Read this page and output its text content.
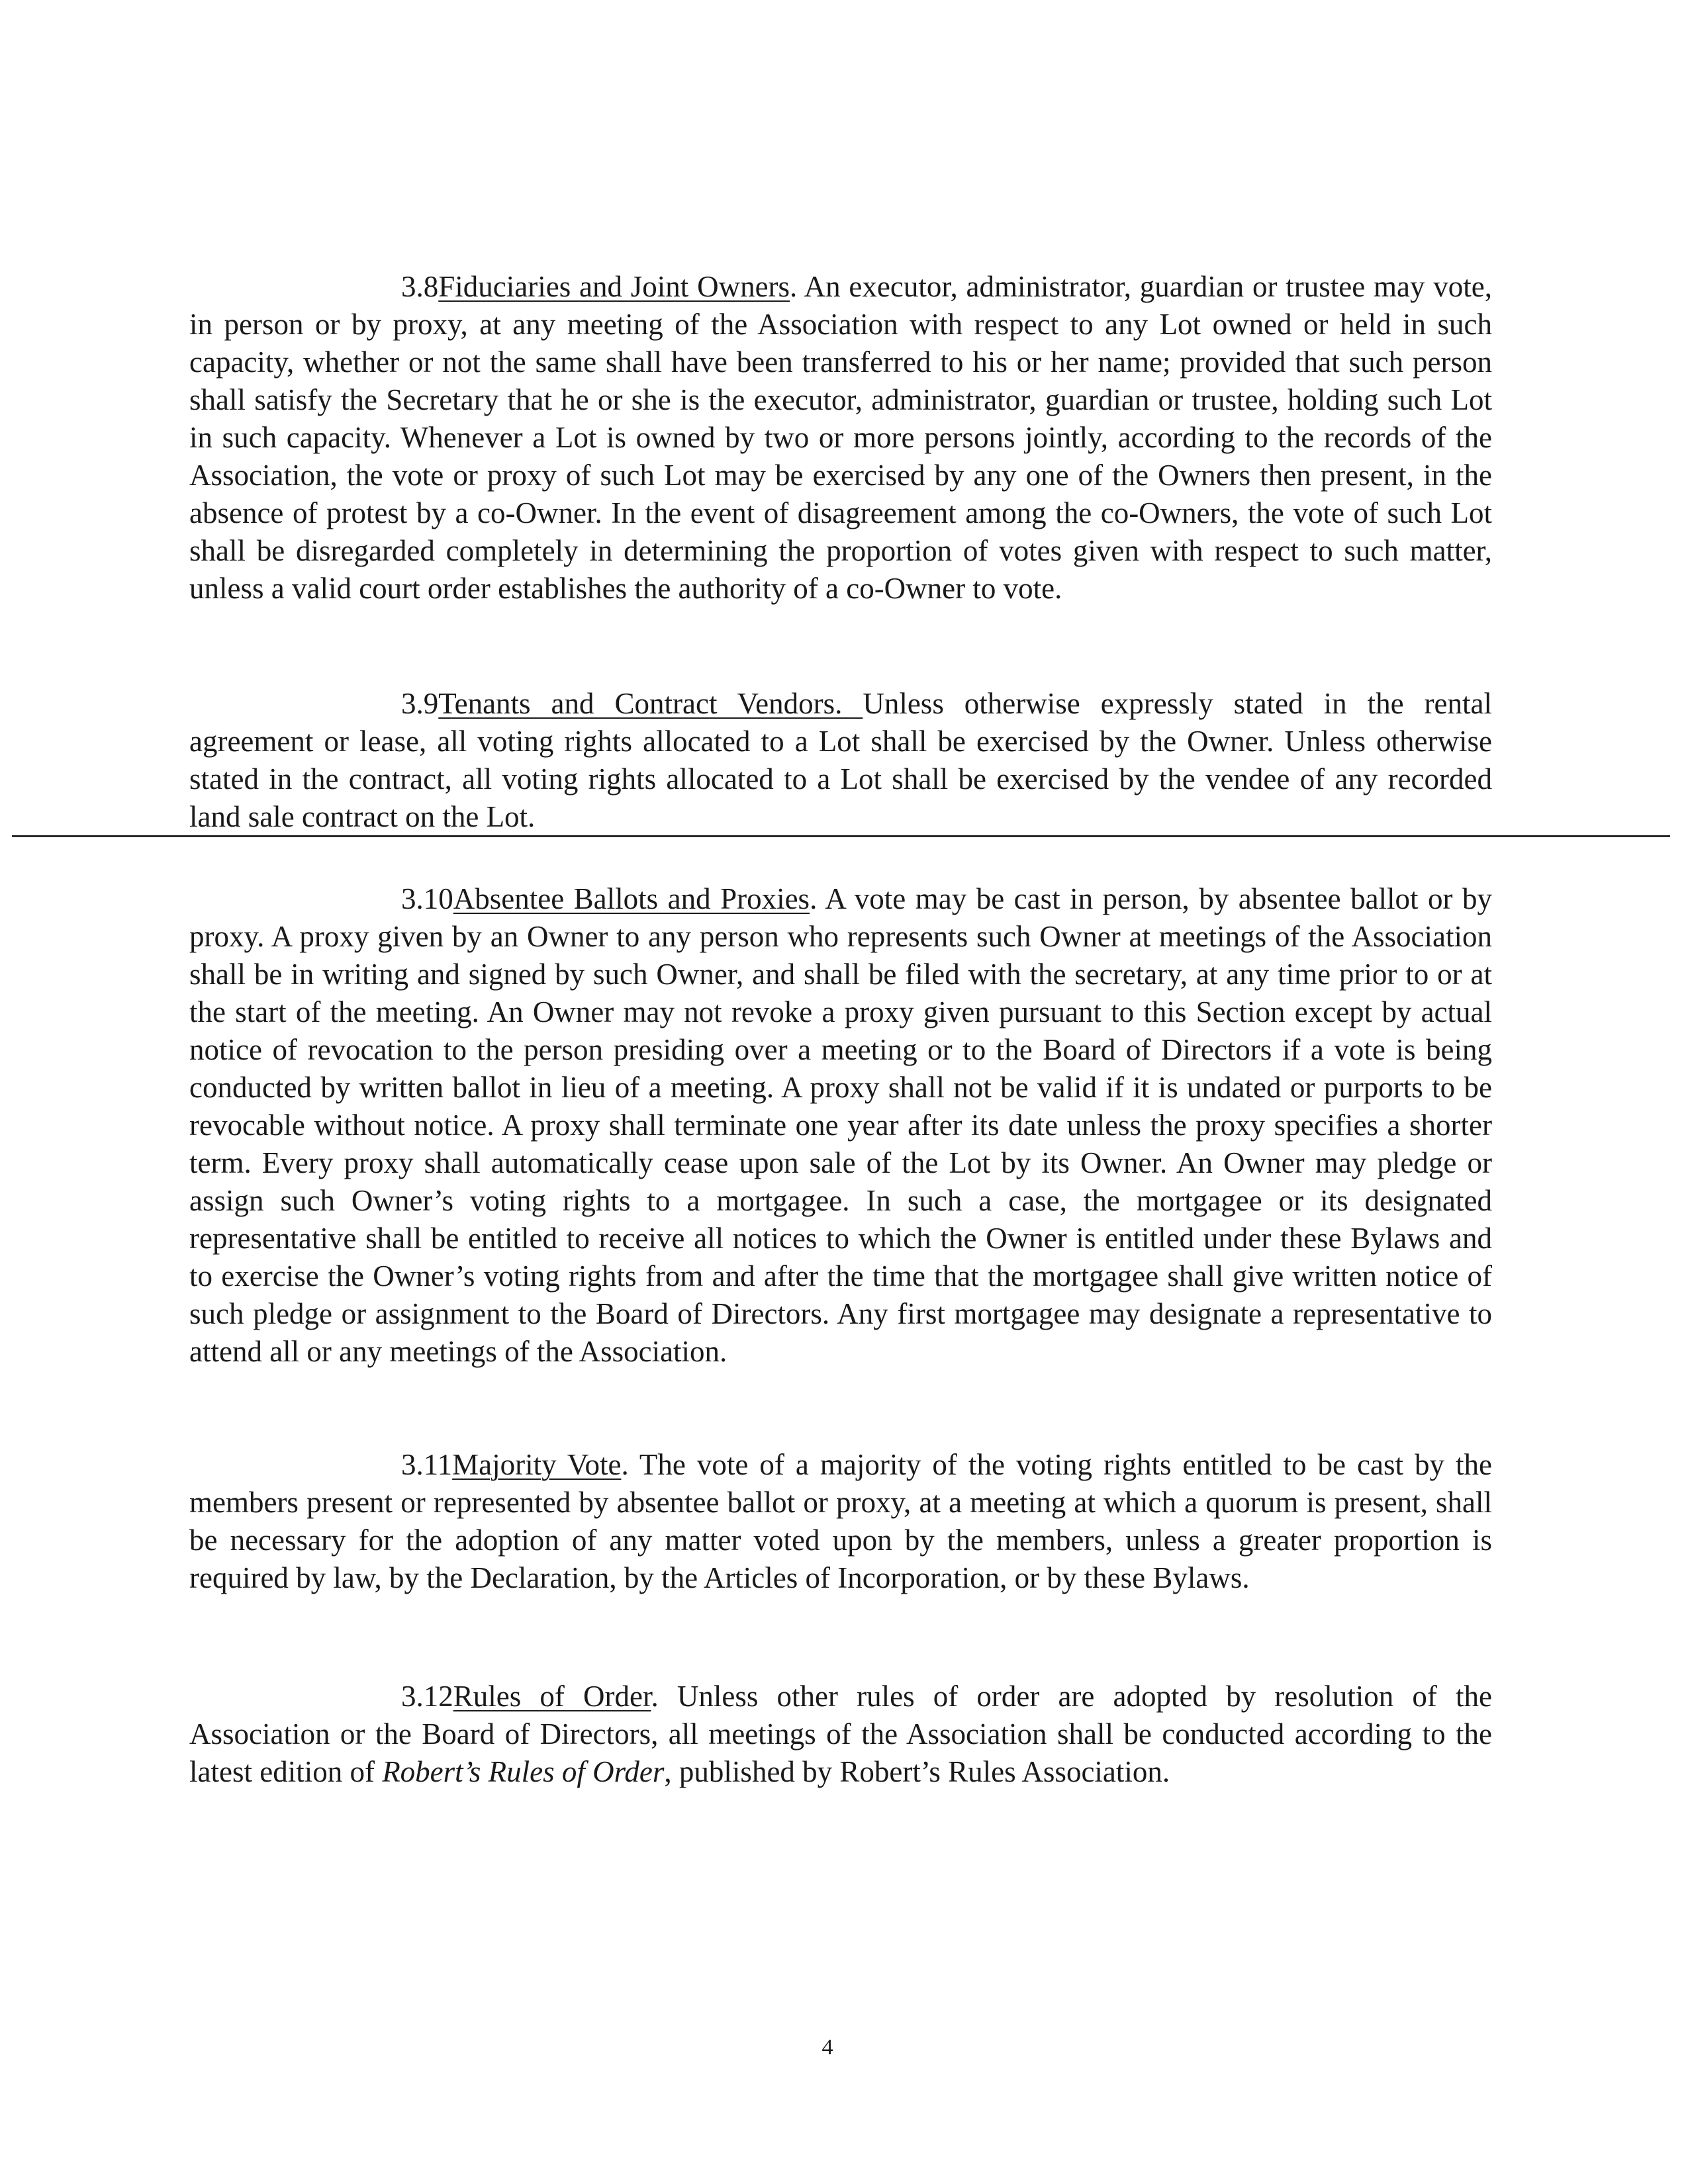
3.8Fiduciaries and Joint Owners. An executor, administrator, guardian or trustee may vote, in person or by proxy, at any meeting of the Association with respect to any Lot owned or held in such capacity, whether or not the same shall have been transferred to his or her name; provided that such person shall satisfy the Secretary that he or she is the executor, administrator, guardian or trustee, holding such Lot in such capacity. Whenever a Lot is owned by two or more persons jointly, according to the records of the Association, the vote or proxy of such Lot may be exercised by any one of the Owners then present, in the absence of protest by a co-Owner. In the event of disagreement among the co-Owners, the vote of such Lot shall be disregarded completely in determining the proportion of votes given with respect to such matter, unless a valid court order establishes the authority of a co-Owner to vote.

3.9Tenants and Contract Vendors. Unless otherwise expressly stated in the rental agreement or lease, all voting rights allocated to a Lot shall be exercised by the Owner. Unless otherwise stated in the contract, all voting rights allocated to a Lot shall be exercised by the vendee of any recorded land sale contract on the Lot.

3.10Absentee Ballots and Proxies. A vote may be cast in person, by absentee ballot or by proxy. A proxy given by an Owner to any person who represents such Owner at meetings of the Association shall be in writing and signed by such Owner, and shall be filed with the secretary, at any time prior to or at the start of the meeting. An Owner may not revoke a proxy given pursuant to this Section except by actual notice of revocation to the person presiding over a meeting or to the Board of Directors if a vote is being conducted by written ballot in lieu of a meeting. A proxy shall not be valid if it is undated or purports to be revocable without notice. A proxy shall terminate one year after its date unless the proxy specifies a shorter term. Every proxy shall automatically cease upon sale of the Lot by its Owner. An Owner may pledge or assign such Owner’s voting rights to a mortgagee. In such a case, the mortgagee or its designated representative shall be entitled to receive all notices to which the Owner is entitled under these Bylaws and to exercise the Owner’s voting rights from and after the time that the mortgagee shall give written notice of such pledge or assignment to the Board of Directors. Any first mortgagee may designate a representative to attend all or any meetings of the Association.

3.11Majority Vote. The vote of a majority of the voting rights entitled to be cast by the members present or represented by absentee ballot or proxy, at a meeting at which a quorum is present, shall be necessary for the adoption of any matter voted upon by the members, unless a greater proportion is required by law, by the Declaration, by the Articles of Incorporation, or by these Bylaws.

3.12Rules of Order. Unless other rules of order are adopted by resolution of the Association or the Board of Directors, all meetings of the Association shall be conducted according to the latest edition of Robert’s Rules of Order, published by Robert’s Rules Association.

4
